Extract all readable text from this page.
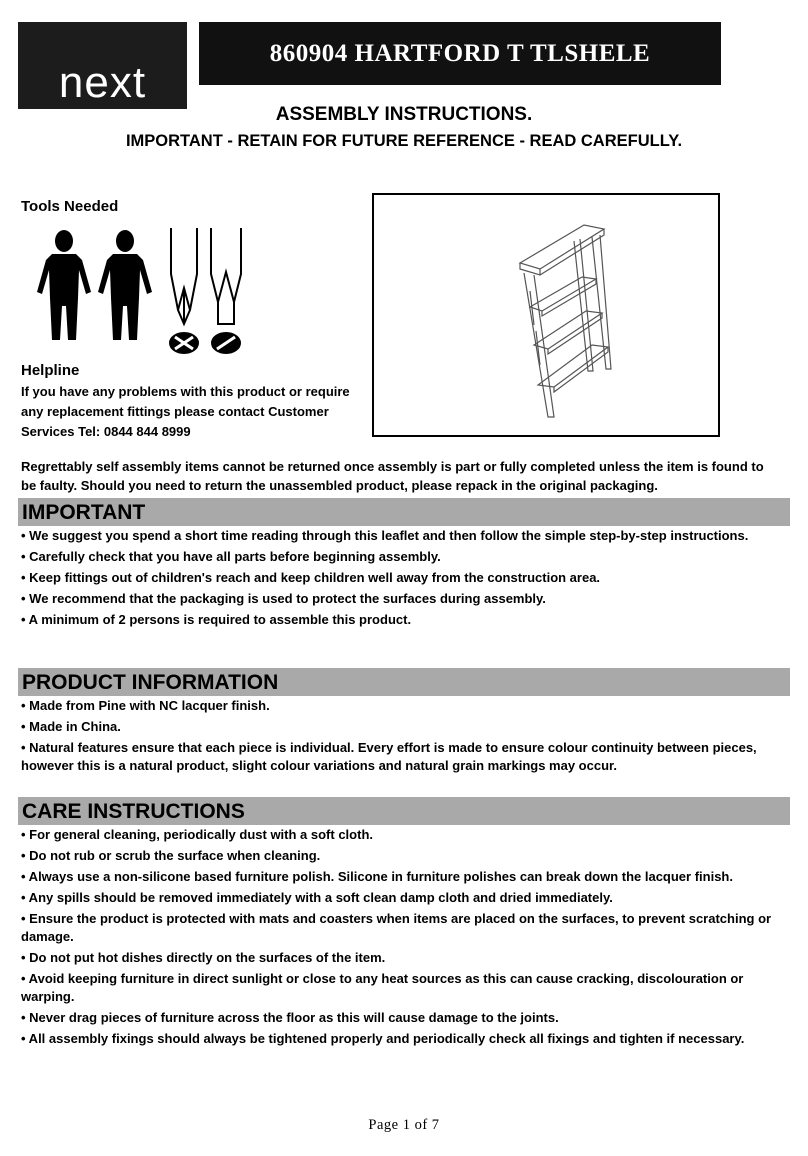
next
860904 HARTFORD T TLSHELE
ASSEMBLY INSTRUCTIONS.
IMPORTANT - RETAIN FOR FUTURE REFERENCE - READ CAREFULLY.
Tools Needed
Helpline
If you have any problems with this product or require
any replacement fittings please contact Customer
Services Tel: 0844 844 8999
Regrettably self assembly items cannot be returned once assembly is part or fully completed unless the item is found to be faulty. Should you need to return the unassembled product, please repack in the original packaging.
IMPORTANT
• We suggest you spend a short time reading through this leaflet and then follow the simple step-by-step instructions.
• Carefully check that you have all parts before beginning assembly.
• Keep fittings out of children's reach and keep children well away from the construction area.
• We recommend that the packaging is used to protect the surfaces during assembly.
• A minimum of 2 persons is required to assemble this product.
PRODUCT INFORMATION
• Made from Pine with NC lacquer finish.
• Made in China.
• Natural features ensure that each piece is individual. Every effort is made to ensure colour continuity between pieces, however this is a natural product, slight colour variations and natural grain markings may occur.
CARE INSTRUCTIONS
• For general cleaning, periodically dust with a soft cloth.
• Do not rub or scrub the surface when cleaning.
• Always use a non-silicone based furniture polish. Silicone in furniture polishes can break down the lacquer finish.
• Any spills should be removed immediately with a soft clean damp cloth and dried immediately.
• Ensure the product is protected with mats and coasters when items are placed on the surfaces, to prevent scratching or damage.
• Do not put hot dishes directly on the surfaces of the item.
• Avoid keeping furniture in direct sunlight or close to any heat sources as this can cause cracking, discolouration or warping.
• Never drag pieces of furniture across the floor as this will cause damage to the joints.
• All assembly fixings should always be tightened properly and periodically check all fixings and tighten if necessary.
Page 1 of 7
